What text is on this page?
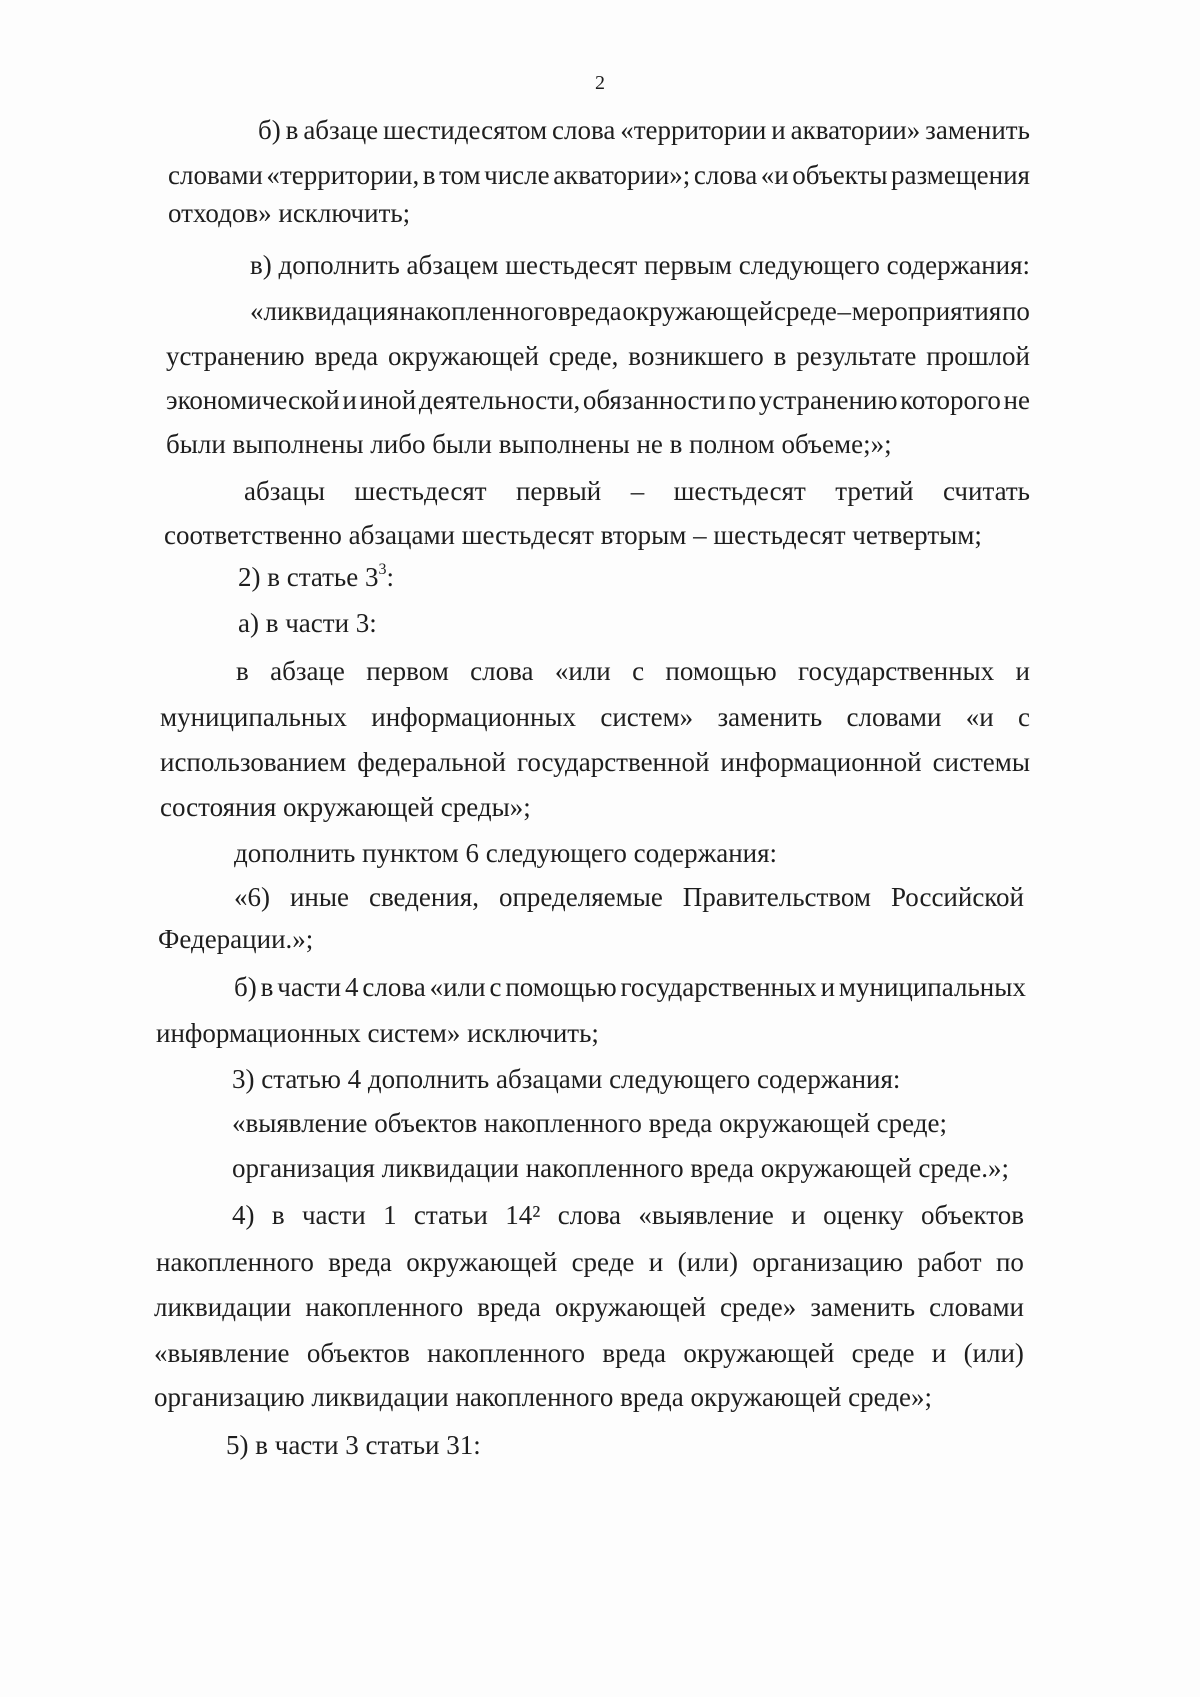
2
б) в абзаце шестидесятом слова «территории и акватории» заменить
словами «территории, в том числе акватории»; слова «и объекты размещения
отходов» исключить;
в) дополнить абзацем шестьдесят первым следующего содержания:
«ликвидация накопленного вреда окружающей среде – мероприятия по
устранению вреда окружающей среде, возникшего в результате прошлой
экономической и иной деятельности, обязанности по устранению которого не
были выполнены либо были выполнены не в полном объеме;»;
абзацы шестьдесят первый – шестьдесят третий считать
соответственно абзацами шестьдесят вторым – шестьдесят четвертым;
2) в статье $3^3$:
а) в части 3:
в абзаце первом слова «или с помощью государственных и
муниципальных информационных систем» заменить словами «и с
использованием федеральной государственной информационной системы
состояния окружающей среды»;
дополнить пунктом 6 следующего содержания:
«6) иные сведения, определяемые Правительством Российской
Федерации.»;
б) в части 4 слова «или с помощью государственных и муниципальных
информационных систем» исключить;
3) статью 4 дополнить абзацами следующего содержания:
«выявление объектов накопленного вреда окружающей среде;
организация ликвидации накопленного вреда окружающей среде.»;
4) в части 1 статьи 14² слова «выявление и оценку объектов
накопленного вреда окружающей среде и (или) организацию работ по
ликвидации накопленного вреда окружающей среде» заменить словами
«выявление объектов накопленного вреда окружающей среде и (или)
организацию ликвидации накопленного вреда окружающей среде»;
5) в части 3 статьи 31:
